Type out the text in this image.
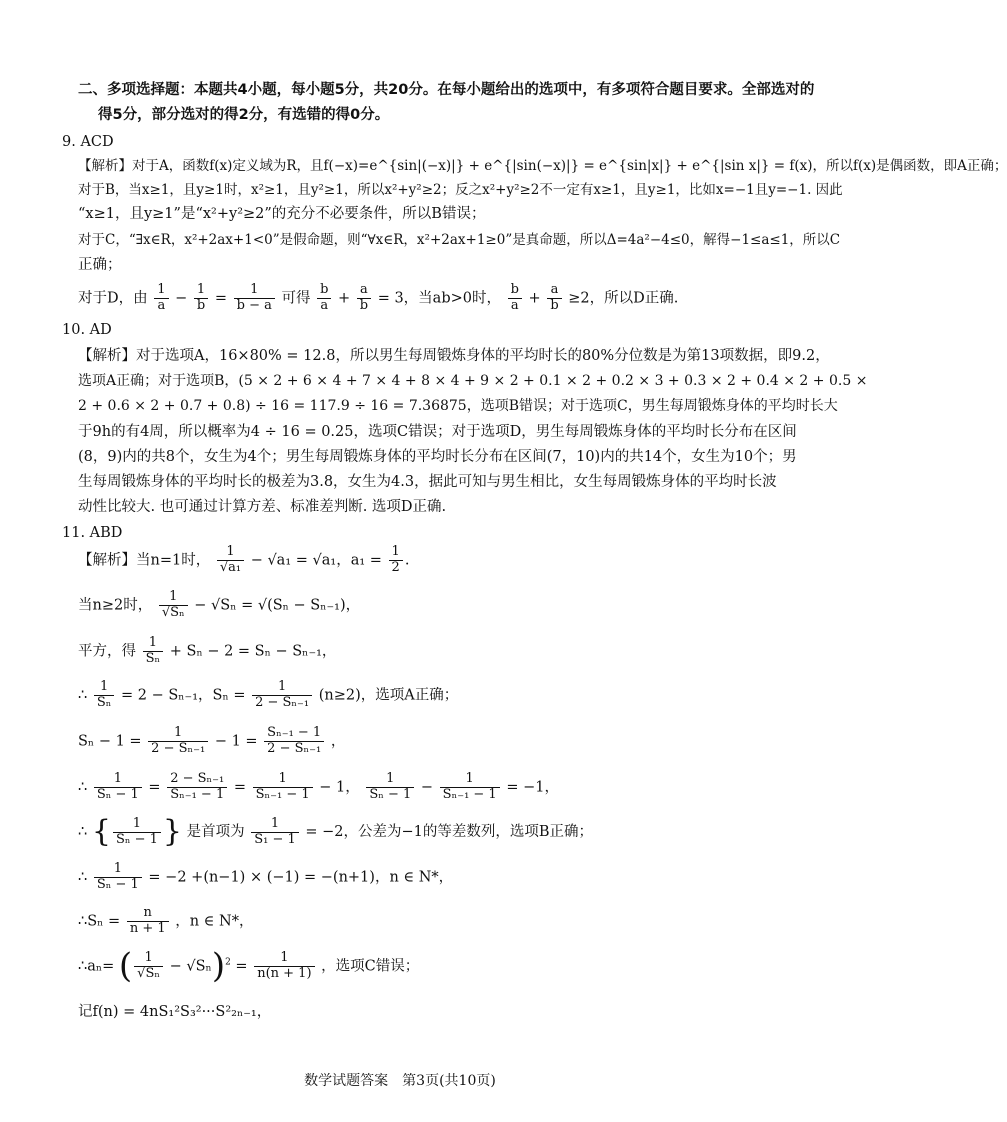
二、多项选择题：本题共4小题，每小题5分，共20分。在每小题给出的选项中，有多项符合题目要求。全部选对的
得5分，部分选对的得2分，有选错的得0分。
9. ACD
【解析】对于A，函数f(x)定义域为R，且f(−x)=e^{sin|(−x)|} + e^{|sin(−x)|} = e^{sin|x|} + e^{|sin x|} = f(x)，所以f(x)是偶函数，即A正确；
对于B，当x≥1，且y≥1时，x²≥1，且y²≥1，所以x²+y²≥2；反之x²+y²≥2不一定有x≥1，且y≥1，比如x=−1且y=−1. 因此
“x≥1，且y≥1”是“x²+y²≥2”的充分不必要条件，所以B错误；
对于C，“∃x∈R，x²+2ax+1<0”是假命题，则“∀x∈R，x²+2ax+1≥0”是真命题，所以Δ=4a²−4≤0，解得−1≤a≤1，所以C
正确；
对于D，由 $\frac{1}{a} - \frac{1}{b} = \frac{1}{b - a}$ 可得 $\frac{b}{a} + \frac{a}{b} = 3$，当ab>0时， $\frac{b}{a} + \frac{a}{b} \ge 2$，所以D正确.
10. AD
【解析】对于选项A，16×80% = 12.8，所以男生每周锻炼身体的平均时长的80%分位数是为第13项数据，即9.2，
选项A正确；对于选项B，(5 × 2 + 6 × 4 + 7 × 4 + 8 × 4 + 9 × 2 + 0.1 × 2 + 0.2 × 3 + 0.3 × 2 + 0.4 × 2 + 0.5 ×
2 + 0.6 × 2 + 0.7 + 0.8) ÷ 16 = 117.9 ÷ 16 = 7.36875，选项B错误；对于选项C，男生每周锻炼身体的平均时长大
于9h的有4周，所以概率为4 ÷ 16 = 0.25，选项C错误；对于选项D，男生每周锻炼身体的平均时长分布在区间
(8，9)内的共8个，女生为4个；男生每周锻炼身体的平均时长分布在区间(7，10)内的共14个，女生为10个；男
生每周锻炼身体的平均时长的极差为3.8，女生为4.3，据此可知与男生相比，女生每周锻炼身体的平均时长波
动性比较大. 也可通过计算方差、标准差判断. 选项D正确.
11. ABD
【解析】当n=1时， $\frac{1}{\text{√a₁}} - √a_1 = √a_1$，$a_1 = \frac{1}{2}$ .
当n≥2时， $\frac{1}{\text{√Sₙ}} - √S_n = √(S_n - S_{n-1})$，
平方，得 $\frac{1}{\text{Sₙ}} + S_n - 2 = S_n - S_{n-1}$，
∴ $\frac{1}{\text{Sₙ}} = 2 - S_{n-1}$，$S_n = \frac{1}{\text{2 − Sₙ₋₁}} (n\ge 2)$，选项A正确；
$S_n - 1 = \frac{1}{\text{2 − Sₙ₋₁}} - 1 = \frac{\text{Sₙ₋₁ − 1}}{\text{2 − Sₙ₋₁}}$ ，
∴ $\frac{1}{\text{Sₙ − 1}} = \frac{\text{2 − Sₙ₋₁}}{\text{Sₙ₋₁ − 1}} = \frac{1}{\text{Sₙ₋₁ − 1}} - 1$， $\frac{1}{\text{Sₙ − 1}} - \frac{1}{\text{Sₙ₋₁ − 1}} = -1$，
∴ { $\frac{1}{\text{Sₙ − 1}}$ } 是首项为 $\frac{1}{\text{S₁ − 1}} = -2$，公差为−1的等差数列，选项B正确；
∴ $\frac{1}{\text{Sₙ − 1}} = -2 +(n-1) \times (-1) = -(n+1)$，n ∈ N*，
∴Sₙ = $\frac{n}{n + 1}$ ，n ∈ N*，
∴aₙ= ( $\frac{1}{\text{√Sₙ}} - √S_n)^2 = \frac{1}{n(n + 1)}$ ，选项C错误；
记f(n) = 4nS₁²S₃²···S²₂ₙ₋₁，
数学试题答案　第3页(共10页)
